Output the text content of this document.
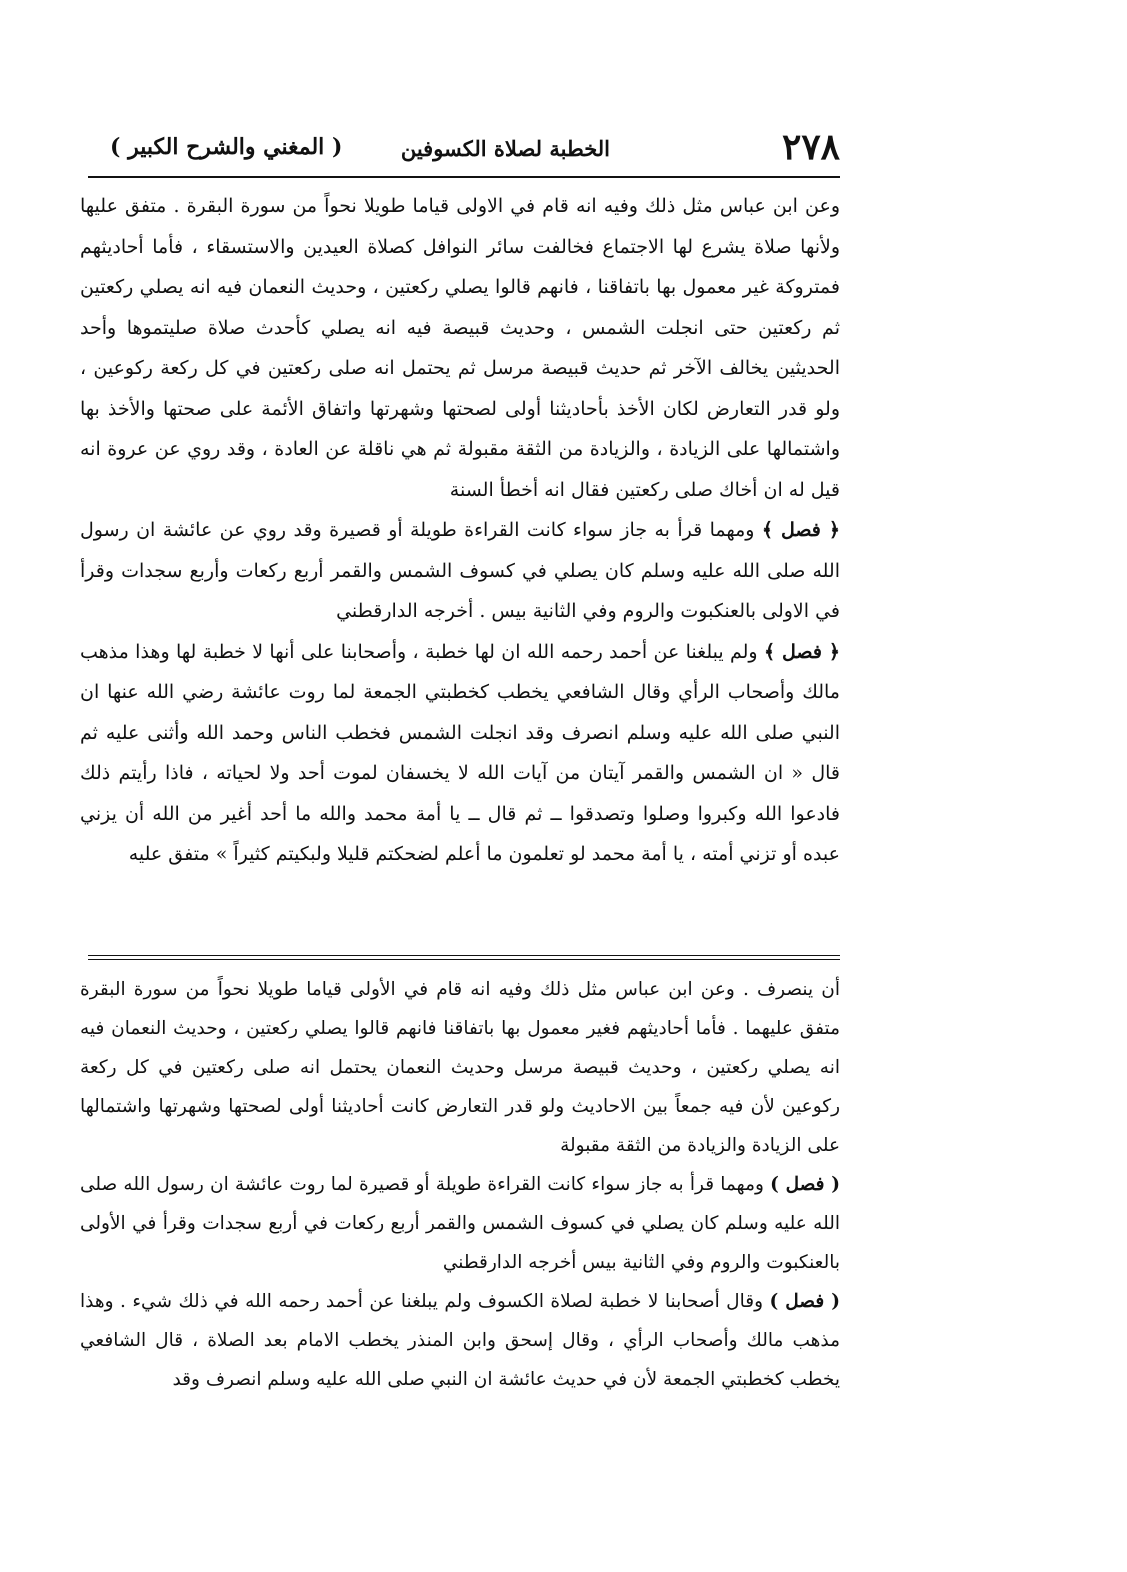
٢٧٨
الخطبة لصلاة الكسوفين
( المغني والشرح الكبير )

وعن ابن عباس مثل ذلك وفيه انه قام في الاولى قياما طويلا نحواً من سورة البقرة . متفق عليها ولأنها صلاة يشرع لها الاجتماع فخالفت سائر النوافل كصلاة العيدين والاستسقاء ، فأما أحاديثهم فمتروكة غير معمول بها باتفاقنا ، فانهم قالوا يصلي ركعتين ، وحديث النعمان فيه انه يصلي ركعتين ثم ركعتين حتى انجلت الشمس ، وحديث قبيصة فيه انه يصلي كأحدث صلاة صليتموها وأحد الحديثين يخالف الآخر ثم حديث قبيصة مرسل ثم يحتمل انه صلى ركعتين في كل ركعة ركوعين ، ولو قدر التعارض لكان الأخذ بأحاديثنا أولى لصحتها وشهرتها واتفاق الأئمة على صحتها والأخذ بها واشتمالها على الزيادة ، والزيادة من الثقة مقبولة ثم هي ناقلة عن العادة ، وقد روي عن عروة انه قيل له ان أخاك صلى ركعتين فقال انه أخطأ السنة

﴿ فصل ﴾ ومهما قرأ به جاز سواء كانت القراءة طويلة أو قصيرة وقد روي عن عائشة ان رسول الله صلى الله عليه وسلم كان يصلي في كسوف الشمس والقمر أربع ركعات وأربع سجدات وقرأ في الاولى بالعنكبوت والروم وفي الثانية بيس . أخرجه الدارقطني

﴿ فصل ﴾ ولم يبلغنا عن أحمد رحمه الله ان لها خطبة ، وأصحابنا على أنها لا خطبة لها وهذا مذهب مالك وأصحاب الرأي وقال الشافعي يخطب كخطبتي الجمعة لما روت عائشة رضي الله عنها ان النبي صلى الله عليه وسلم انصرف وقد انجلت الشمس فخطب الناس وحمد الله وأثنى عليه ثم قال « ان الشمس والقمر آيتان من آيات الله لا يخسفان لموت أحد ولا لحياته ، فاذا رأيتم ذلك فادعوا الله وكبروا وصلوا وتصدقوا ــ ثم قال ــ يا أمة محمد والله ما أحد أغير من الله أن يزني عبده أو تزني أمته ، يا أمة محمد لو تعلمون ما أعلم لضحكتم قليلا ولبكيتم كثيراً » متفق عليه

أن ينصرف . وعن ابن عباس مثل ذلك وفيه انه قام في الأولى قياما طويلا نحواً من سورة البقرة متفق عليهما . فأما أحاديثهم فغير معمول بها باتفاقنا فانهم قالوا يصلي ركعتين ، وحديث النعمان فيه انه يصلي ركعتين ، وحديث قبيصة مرسل وحديث النعمان يحتمل انه صلى ركعتين في كل ركعة ركوعين لأن فيه جمعاً بين الاحاديث ولو قدر التعارض كانت أحاديثنا أولى لصحتها وشهرتها واشتمالها على الزيادة والزيادة من الثقة مقبولة

( فصل ) ومهما قرأ به جاز سواء كانت القراءة طويلة أو قصيرة لما روت عائشة ان رسول الله صلى الله عليه وسلم كان يصلي في كسوف الشمس والقمر أربع ركعات في أربع سجدات وقرأ في الأولى بالعنكبوت والروم وفي الثانية بيس أخرجه الدارقطني

( فصل ) وقال أصحابنا لا خطبة لصلاة الكسوف ولم يبلغنا عن أحمد رحمه الله في ذلك شيء . وهذا مذهب مالك وأصحاب الرأي ، وقال إسحق وابن المنذر يخطب الامام بعد الصلاة ، قال الشافعي يخطب كخطبتي الجمعة لأن في حديث عائشة ان النبي صلى الله عليه وسلم انصرف وقد
